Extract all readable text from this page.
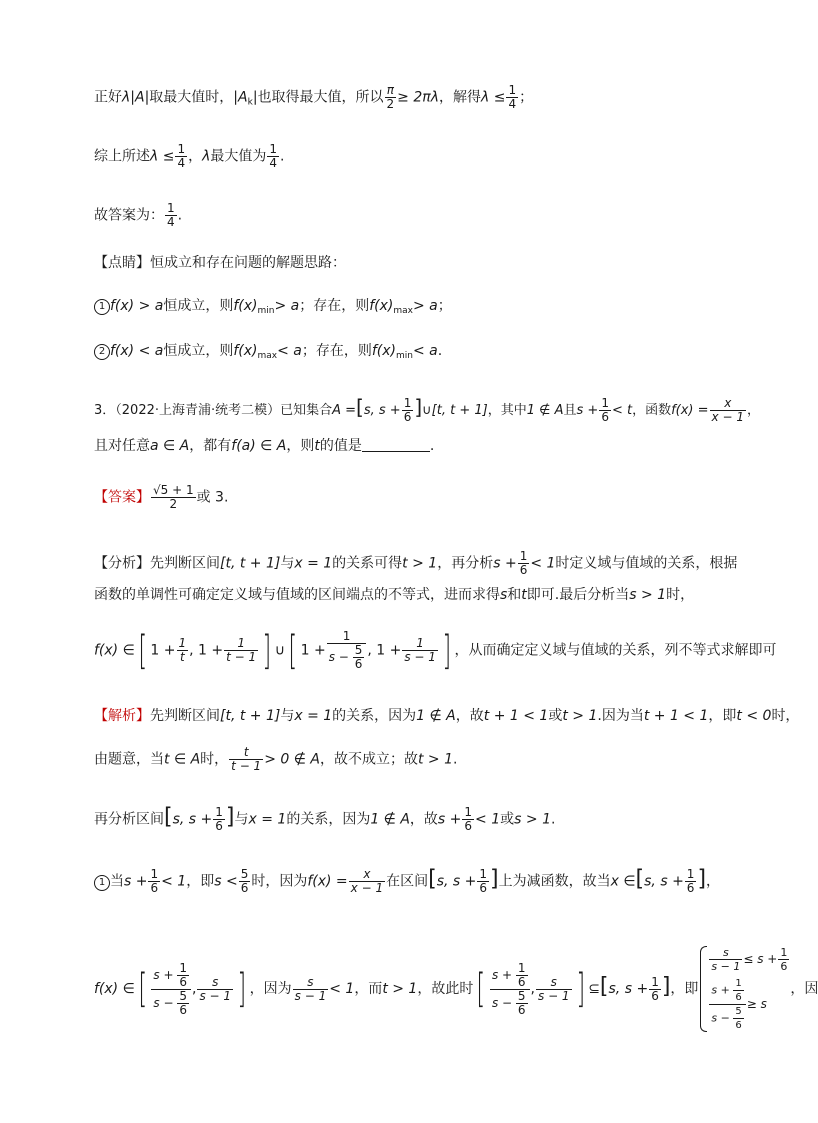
正好λ|A|取最大值时，$|A_k|$也取得最大值，所以 $\frac{\pi}{2} \ge 2\pi\lambda$，解得$\lambda \le \frac{1}{4}$ ；
综上所述$\lambda \le \frac{1}{4}$ ，λ最大值为 $\frac{1}{4}$ .
故答案为： $\frac{1}{4}$ .
【点睛】恒成立和存在问题的解题思路：
1 f(x) > a恒成立，则$f(x)_{min}> a$；存在，则$f(x)_{max}> a$；
2 f(x) < a恒成立，则$f(x)_{max}< a$；存在，则$f(x)_{min}< a$.
3．（2022·上海青浦·统考二模）已知集合A =[s, $s + \frac{1}{6}$ ]∪[t, t + 1]，其中1 ∉ A且$s + \frac{1}{6} < t$，函数$f(x) = \frac{x}{x - 1}$ ，
且对任意a ∈ A，都有f(a) ∈ A，则t的值是	.
【答案】 $\frac{√5 + 1}{2}$ 或 3.
【分析】先判断区间[t, t + 1]与x = 1的关系可得t > 1，再分析$s + \frac{1}{6} < 1$时定义域与值域的关系，根据
函数的单调性可确定定义域与值域的区间端点的不等式，进而求得s和t即可.最后分析当s > 1时，
f(x) ∈[ $1 + \frac{1}{t}$ , $1 + \frac{1}{t - 1}$ ] ∪[ $1 + \frac{1}{s - \frac{5}{6}}$ , $1 + \frac{1}{s - 1}$ ] ，从而确定定义域与值域的关系，列不等式求解即可
【解析】先判断区间[t, t + 1]与x = 1的关系，因为1 ∉ A，故t + 1 < 1或t > 1.因为当t + 1 < 1，即t < 0时，
由题意，当t ∈ A时， $\frac{t}{t - 1} > 0$ ∉ A，故不成立；故t > 1.
再分析区间[s, $s + \frac{1}{6}$ ]与x = 1的关系，因为1 ∉ A，故$s + \frac{1}{6} < 1$或s > 1.
1 当$s + \frac{1}{6} < 1$，即$s < \frac{5}{6}$ 时，因为$f(x) = \frac{x}{x - 1}$ 在区间[s, $s + \frac{1}{6}$ ]上为减函数，故当x ∈[s, $s + \frac{1}{6}$ ]，
f(x) ∈[ $\frac{s + \frac{1}{6}}{s - \frac{5}{6}}$ , $\frac{s}{s - 1}$ ] ，因为 $\frac{s}{s - 1} < 1$，而t > 1，故此时[ $\frac{s + \frac{1}{6}}{s - \frac{5}{6}}$ , $\frac{s}{s - 1}$ ] ⊆[s, $s + \frac{1}{6}$ ]，即
$\frac{s}{s - 1} \le s + \frac{1}{6}$
$\frac{s + \frac{1}{6}}{s - \frac{5}{6}} \ge s$
，因
